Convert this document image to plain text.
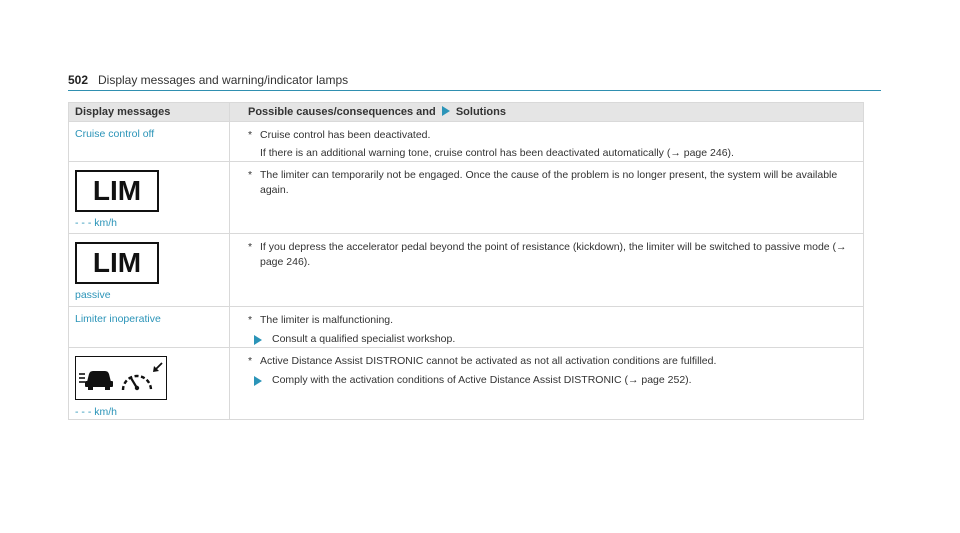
502 Display messages and warning/indicator lamps
Display messages	Possible causes/consequences and Solutions

Cruise control off	* Cruise control has been deactivated.
If there is an additional warning tone, cruise control has been deactivated automatically (→ page 246).

LIM
- - - km/h	* The limiter can temporarily not be engaged. Once the cause of the problem is no longer present, the system will be available again.

LIM
passive	* If you depress the accelerator pedal beyond the point of resistance (kickdown), the limiter will be switched to passive mode (→ page 246).

Limiter inoperative	* The limiter is malfunctioning.
Consult a qualified specialist workshop.

- - - km/h	* Active Distance Assist DISTRONIC cannot be activated as not all activation conditions are fulfilled.
Comply with the activation conditions of Active Distance Assist DISTRONIC (→ page 252).
